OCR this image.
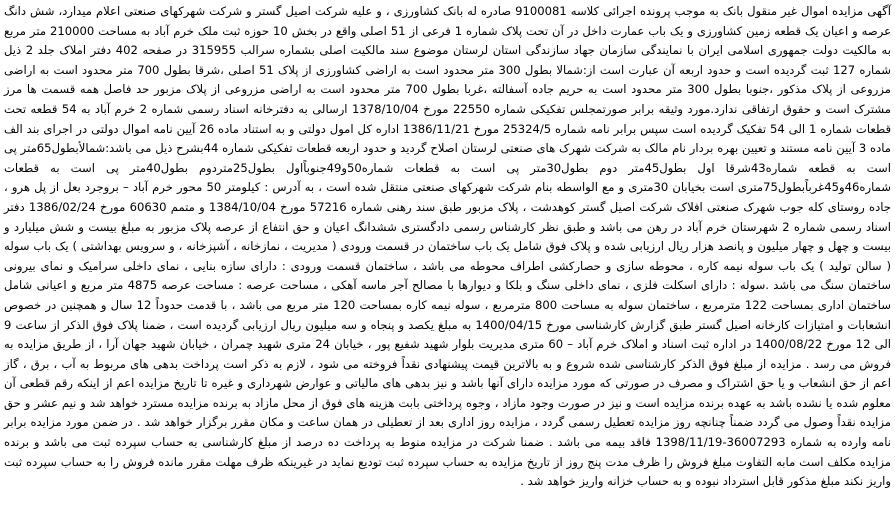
آگهی مزایده اموال غیر منقول بانک به موجب پرونده اجرائی کلاسه 9100081 صادره له بانک کشاورزی ، و علیه شرکت اصیل گستر و شرکت شهرکهای صنعتی اعلام میدارد، شش دانگ عرصه و اعیان یک قطعه زمین کشاورزی و یک باب عمارت داخل در آن تحت پلاک شماره 1 فرعی از 51 اصلی واقع در بخش 10 حوزه ثبت ملک خرم آباد به مساحت 210000 متر مربع به مالکیت دولت جمهوری اسلامی ایران با نمایندگی سازمان جهاد سازندگی استان لرستان موضوع سند مالکیت اصلی بشماره سرالب 315955 در صفحه 402 دفتر املاک جلد 2 ذیل شماره 127 ثبت گردیده است و حدود اربعه آن عبارت است از:شمالا بطول 300 متر محدود است به اراضی کشاورزی از پلاک 51 اصلی ،شرقا بطول 700 متر محدود است به اراضی مزروعی از پلاک مذکور ،جنوبا بطول 300 متر محدود است به حریم جاده آسفالته ،غربا بطول 700 متر محدود است به اراضی مزروعی از پلاک مزبور حد فاصل همه قسمت ها مرز مشترک است و حقوق ارتفاقی ندارد.مورد وثیقه برابر صورتمجلس تفکیکی شماره 22550 مورخ 1378/10/04 ارسالی به دفترخانه اسناد رسمی شماره 2 خرم آباد به 54 قطعه تحت قطعات شماره 1 الی 54 تفکیک گردیده است سپس برابر نامه شماره 25324/5 مورخ 1386/11/21 اداره کل امول دولتی و به استناد ماده 26 آیین نامه اموال دولتی در اجرای بند الف ماده 3 آیین نامه مستند و تعیین بهره بردار نام مالک به شرکت شهرک های صنعتی لرستان اصلاح گردید و حدود اربعه قطعات تفکیکی شماره 44بشرح ذیل می باشد:شمالأبطول65متر پی است به قطعه شماره43شرقا اول بطول45متر دوم بطول30متر پی است به قطعات شماره50و49جنوباًاول بطول25متردوم بطول40متر پی است به قطعات شماره46و45غرباًبطول75متری است بخیابان 30متری و مع الواسطه بنام شرکت شهرکهای صنعتی منتقل شده است ، به آدرس : کیلومتر 50 محور خرم آباد – بروجرد بعل از پل هرو ، جاده روستای کله جوب شهرک صنعتی افلاک شرکت اصیل گستر کوهدشت ، پلاک مزبور طبق سند رهنی شماره 57216 مورخ 1384/10/04 و متمم 60630 مورخ 1386/02/24 دفتر اسناد رسمی شماره 2 شهرستان خرم آباد در رهن می باشد و طبق نظر کارشناس رسمی دادگستری ششدانگ اعیان و حق انتفاع از عرصه پلاک مزبور به مبلغ بیست و شش میلیارد و بیست و چهل و چهار میلیون و پانصد هزار ریال ارزیابی شده و پلاک فوق شامل یک باب ساختمان در قسمت ورودی ( مدیریت ، نمازخانه ، آشپزخانه ، و سرویس بهداشتی ) یک باب سوله ( سالن تولید ) یک باب سوله نیمه کاره ، محوطه سازی و حصارکشی اطراف محوطه می باشد ، ساختمان قسمت ورودی : دارای سازه بنایی ، نمای داخلی سرامیک و نمای بیرونی ساختمان سنگ می باشد .سوله : دارای اسکلت فلزی ، نمای داخلی سنگ و بلکا و دیوارها با مصالح آجر ماسه آهکی ، مساحت عرصه : مساحت عرصه 4875 متر مربع و اعیانی شامل ساختمان اداری بمساحت 122 مترمربع ، ساختمان سوله به مساحت 800 مترمربع ، سوله نیمه کاره بمساحت 120 متر مربع می باشد ، با قدمت حدوداً 12 سال و همچنین در خصوص انشعابات و امتیازات کارخانه اصیل گستر طبق گزارش کارشناسی مورخ 1400/04/15 به مبلغ یکصد و پنجاه و سه میلیون ریال ارزیابی گردیده است ، ضمنا پلاک فوق الذکر از ساعت 9 الی 12 مورخ 1400/08/22 در اداره ثبت اسناد و املاک خرم آباد – 60 متری مدیریت بلوار شهید شفیع پور ، خیابان 24 متری شهید چمران ، خیابان شهید جهان آرا ، از طریق مزایده به فروش می رسد . مزایده از مبلغ فوق الذکر کارشناسی شده شروع و به بالاترین قیمت پیشنهادی نقداً فروخته می شود ، لازم به ذکر است پرداخت بدهی های مربوط به آب ، برق ، گاز اعم از حق انشعاب و یا حق اشتراک و مصرف در صورتی که مورد مزایده دارای آنها باشد و نیز بدهی های مالیاتی و عوارض شهرداری و غیره تا تاریخ مزایده اعم از اینکه رقم قطعی آن معلوم شده یا نشده باشد به عهده برنده مزایده است و نیز در صورت وجود مازاد ، وجوه پرداختی بابت هزینه های فوق از محل مازاد به برنده مزایده مسترد خواهد شد و نیم عشر و حق مزایده نقداً وصول می گردد ضمناً چنانچه روز مزایده تعطیل رسمی گردد ، مزایده روز اداری بعد از تعطیلی در همان ساعت و مکان مقرر برگزار خواهد شد . در ضمن مورد مزایده برابر نامه وارده به شماره 36007293-1398/11/19 فاقد بیمه می باشد . ضمنا شرکت در مزایده منوط به پرداخت ده درصد از مبلغ کارشناسی به حساب سپرده ثبت می باشد و برنده مزایده مکلف است مابه التفاوت مبلغ فروش را ظرف مدت پنج روز از تاریخ مزایده به حساب سپرده ثبت تودیع نماید در غیرینکه ظرف مهلت مقرر مانده فروش را به حساب سپرده ثبت واریز نکند مبلغ مذکور قابل استرداد نبوده و به حساب خزانه واریز خواهد شد .
